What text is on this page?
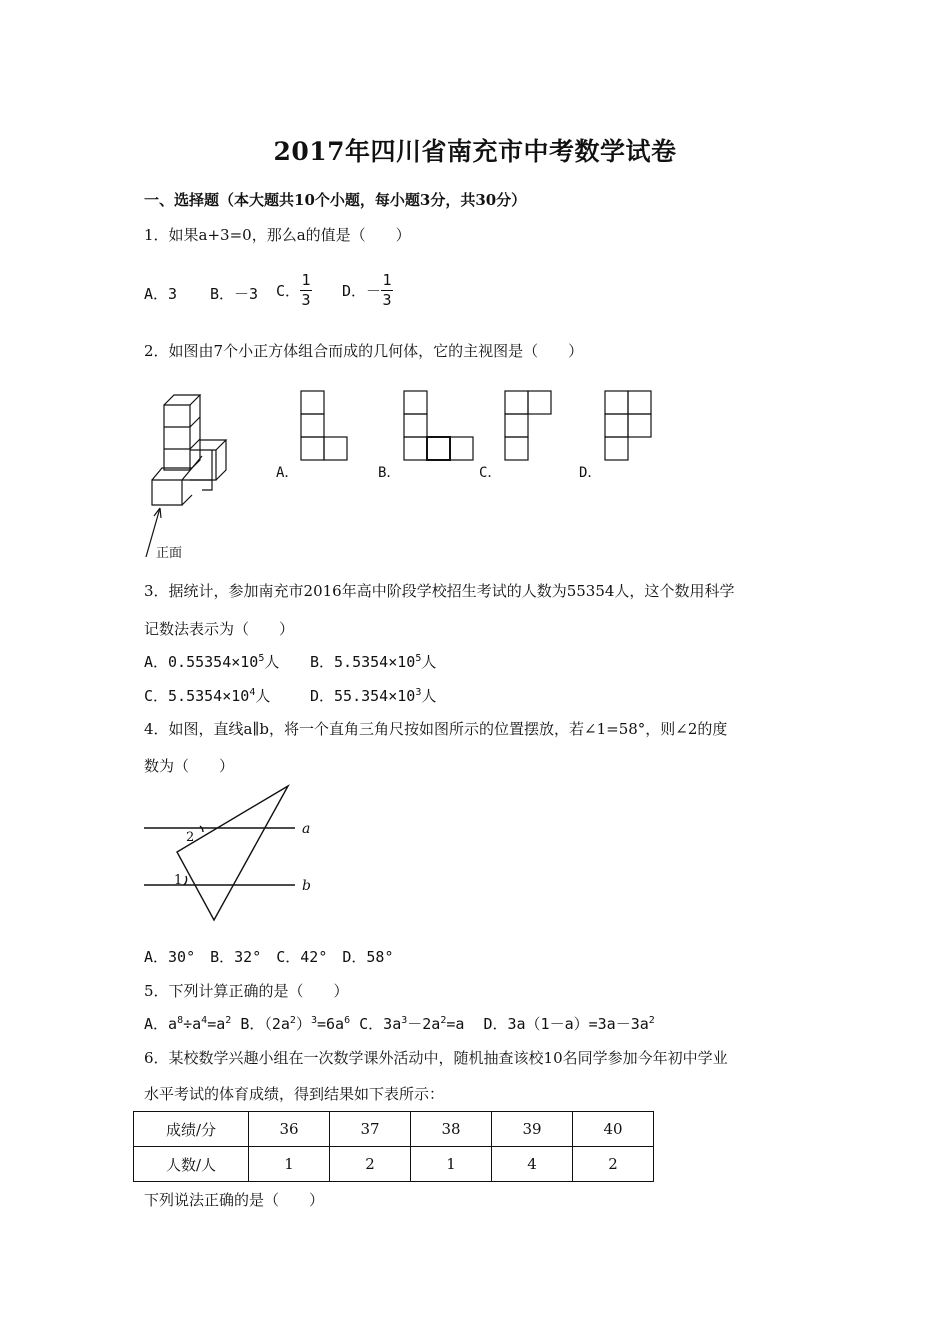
2017年四川省南充市中考数学试卷
一、选择题（本大题共10个小题，每小题3分，共30分）
1．如果a+3=0，那么a的值是（　　）
A．3 B．－3 C． $\frac{1}{3}$ D．－ $\frac{1}{3}$
2．如图由7个小正方体组合而成的几何体，它的主视图是（　　）
正面
A．	B．	C．	D．
3．据统计，参加南充市2016年高中阶段学校招生考试的人数为55354人，这个数用科学
记数法表示为（　　）
A．$0.55354\times 10^5$人 B．$5.5354\times 10^5$人
C．$5.5354\times 10^4$人	D．$55.354\times 10^3$人
4．如图，直线a∥b，将一个直角三角尺按如图所示的位置摆放，若∠1=58°，则∠2的度
数为（　　）
a
b
2
1
A．30°　B．32°　C．42°　D．58°
5．下列计算正确的是（　　）
A．$a^8\div a^4=a^2$ B．$(2a^2)^3=6a^6$ C．$3a^3-2a^2=a$ D．$3a(1-a)=3a-3a^2$
6．某校数学兴趣小组在一次数学课外活动中，随机抽查该校10名同学参加今年初中学业
水平考试的体育成绩，得到结果如下表所示：
成绩/分	36	37	38	39	40
人数/人	1	2	1	4	2
下列说法正确的是（　　）
